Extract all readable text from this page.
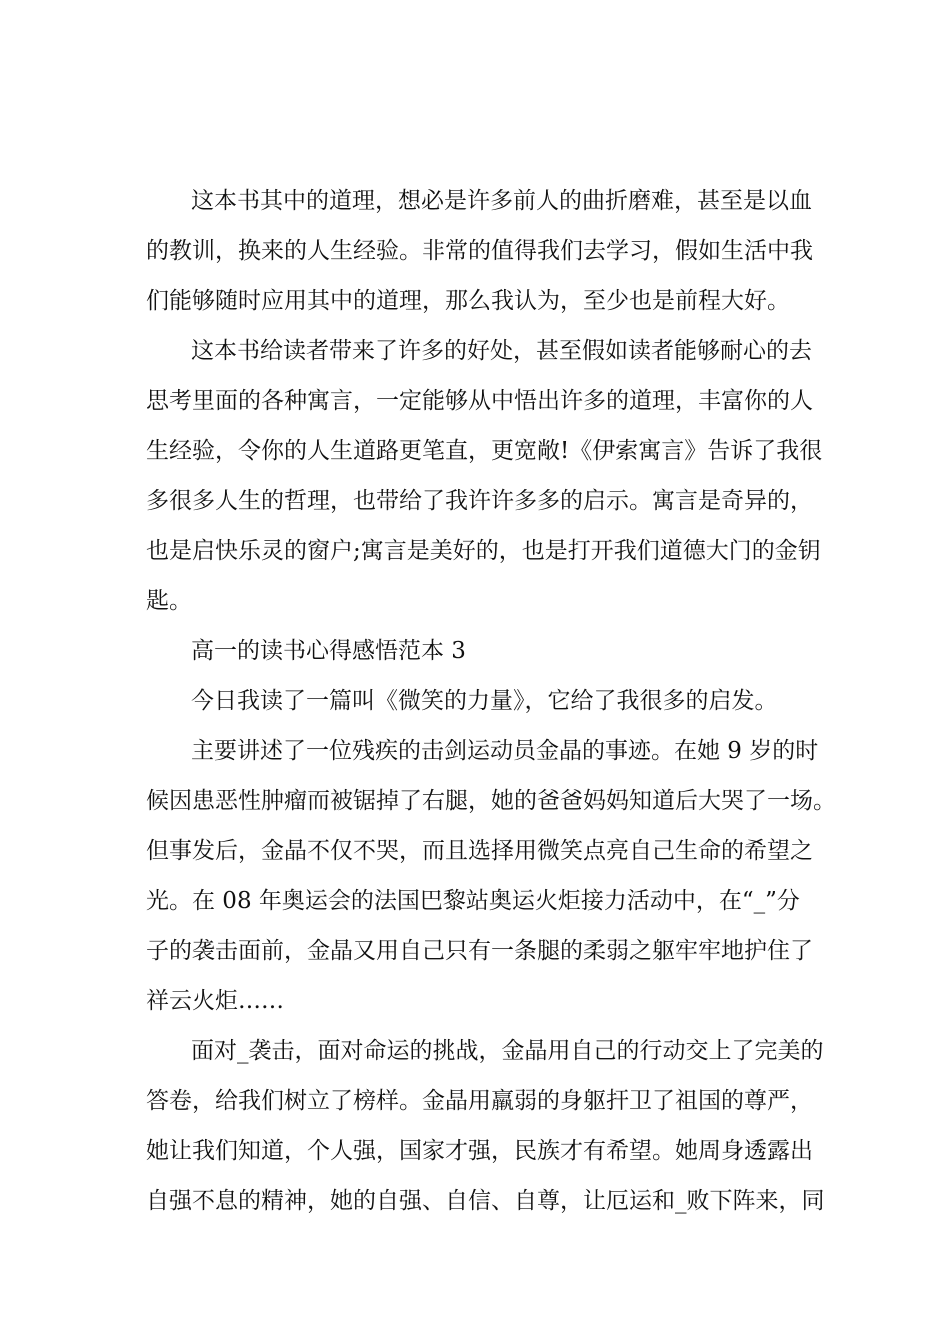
这本书其中的道理，想必是许多前人的曲折磨难，甚至是以血
的教训，换来的人生经验。非常的值得我们去学习，假如生活中我
们能够随时应用其中的道理，那么我认为，至少也是前程大好。
这本书给读者带来了许多的好处，甚至假如读者能够耐心的去
思考里面的各种寓言，一定能够从中悟出许多的道理，丰富你的人
生经验，令你的人生道路更笔直，更宽敞!《伊索寓言》告诉了我很
多很多人生的哲理，也带给了我许许多多的启示。寓言是奇异的，
也是启快乐灵的窗户;寓言是美好的，也是打开我们道德大门的金钥
匙。
高一的读书心得感悟范本 3
今日我读了一篇叫《微笑的力量》，它给了我很多的启发。
主要讲述了一位残疾的击剑运动员金晶的事迹。在她 9 岁的时
候因患恶性肿瘤而被锯掉了右腿，她的爸爸妈妈知道后大哭了一场。
但事发后，金晶不仅不哭，而且选择用微笑点亮自己生命的希望之
光。在 08 年奥运会的法国巴黎站奥运火炬接力活动中，在“_”分
子的袭击面前，金晶又用自己只有一条腿的柔弱之躯牢牢地护住了
祥云火炬……
面对_袭击，面对命运的挑战，金晶用自己的行动交上了完美的
答卷，给我们树立了榜样。金晶用羸弱的身躯扞卫了祖国的尊严，
她让我们知道，个人强，国家才强，民族才有希望。她周身透露出
自强不息的精神，她的自强、自信、自尊，让厄运和_败下阵来，同
